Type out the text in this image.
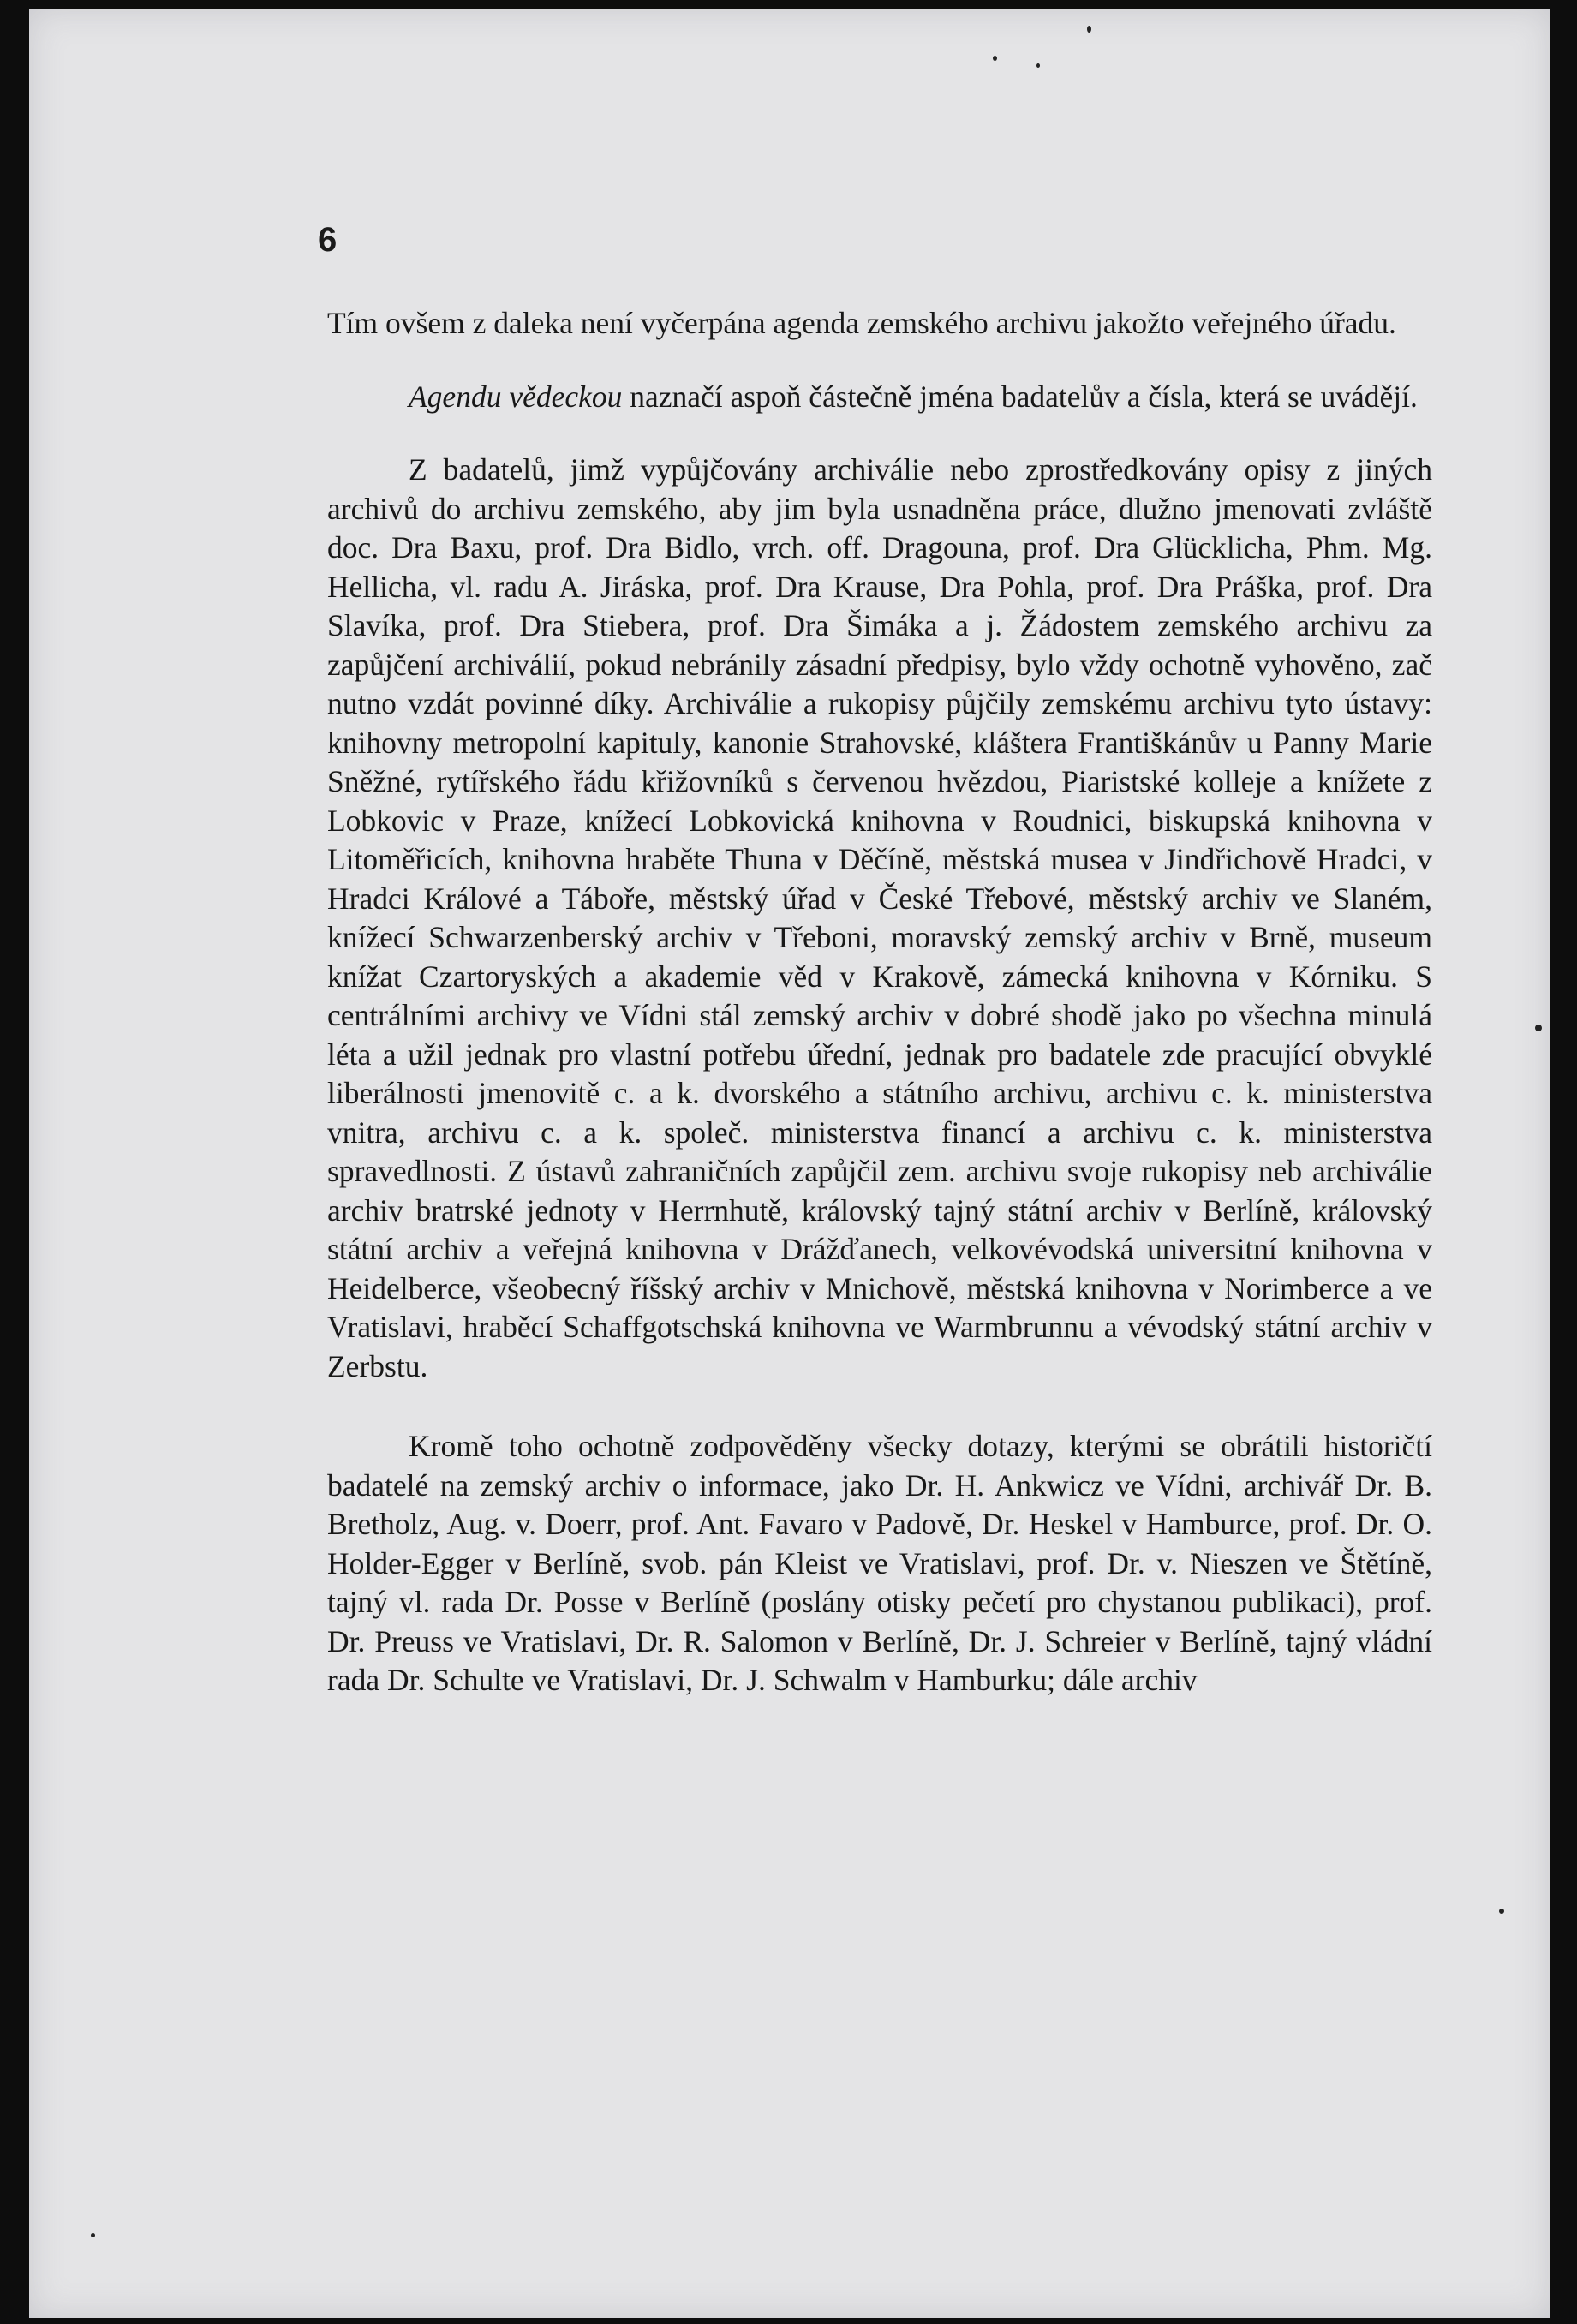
6

Tím ovšem z daleka není vyčerpána agenda zemského archivu jakožto veřejného úřadu.

Agendu vědeckou naznačí aspoň částečně jména badatelův a čísla, která se uvádějí.

Z badatelů, jimž vypůjčovány archiválie nebo zprostředkovány opisy z jiných archivů do archivu zemského, aby jim byla usnadněna práce, dlužno jmenovati zvláště doc. Dra Baxu, prof. Dra Bidlo, vrch. off. Dragouna, prof. Dra Glücklicha, Phm. Mg. Hellicha, vl. radu A. Jiráska, prof. Dra Krause, Dra Pohla, prof. Dra Práška, prof. Dra Slavíka, prof. Dra Stiebera, prof. Dra Šimáka a j. Žádostem zemského archivu za zapůjčení archiválií, pokud nebránily zásadní předpisy, bylo vždy ochotně vyhověno, zač nutno vzdát povinné díky. Archiválie a rukopisy půjčily zemskému archivu tyto ústavy: knihovny metropolní kapituly, kanonie Strahovské, kláštera Františkánův u Panny Marie Sněžné, rytířského řádu křižovníků s červenou hvězdou, Piaristské kolleje a knížete z Lobkovic v Praze, knížecí Lobkovická knihovna v Roudnici, biskupská knihovna v Litoměřicích, knihovna hraběte Thuna v Děčíně, městská musea v Jindřichově Hradci, v Hradci Králové a Táboře, městský úřad v České Třebové, městský archiv ve Slaném, knížecí Schwarzenberský archiv v Třeboni, moravský zemský archiv v Brně, museum knížat Czartoryských a akademie věd v Krakově, zámecká knihovna v Kórniku. S centrálními archivy ve Vídni stál zemský archiv v dobré shodě jako po všechna minulá léta a užil jednak pro vlastní potřebu úřední, jednak pro badatele zde pracující obvyklé liberálnosti jmenovitě c. a k. dvorského a státního archivu, archivu c. k. ministerstva vnitra, archivu c. a k. společ. ministerstva financí a archivu c. k. ministerstva spravedlnosti. Z ústavů zahraničních zapůjčil zem. archivu svoje rukopisy neb archiválie archiv bratrské jednoty v Herrnhutě, královský tajný státní archiv v Berlíně, královský státní archiv a veřejná knihovna v Drážďanech, velkovévodská universitní knihovna v Heidelberce, všeobecný říšský archiv v Mnichově, městská knihovna v Norimberce a ve Vratislavi, hraběcí Schaffgotschská knihovna ve Warmbrunnu a vévodský státní archiv v Zerbstu.

Kromě toho ochotně zodpověděny všecky dotazy, kterými se obrátili historičtí badatelé na zemský archiv o informace, jako Dr. H. Ankwicz ve Vídni, archivář Dr. B. Bretholz, Aug. v. Doerr, prof. Ant. Favaro v Padově, Dr. Heskel v Hamburce, prof. Dr. O. Holder-Egger v Berlíně, svob. pán Kleist ve Vratislavi, prof. Dr. v. Nieszen ve Štětíně, tajný vl. rada Dr. Posse v Berlíně (poslány otisky pečetí pro chystanou publikaci), prof. Dr. Preuss ve Vratislavi, Dr. R. Salomon v Berlíně, Dr. J. Schreier v Berlíně, tajný vládní rada Dr. Schulte ve Vratislavi, Dr. J. Schwalm v Hamburku; dále archiv
